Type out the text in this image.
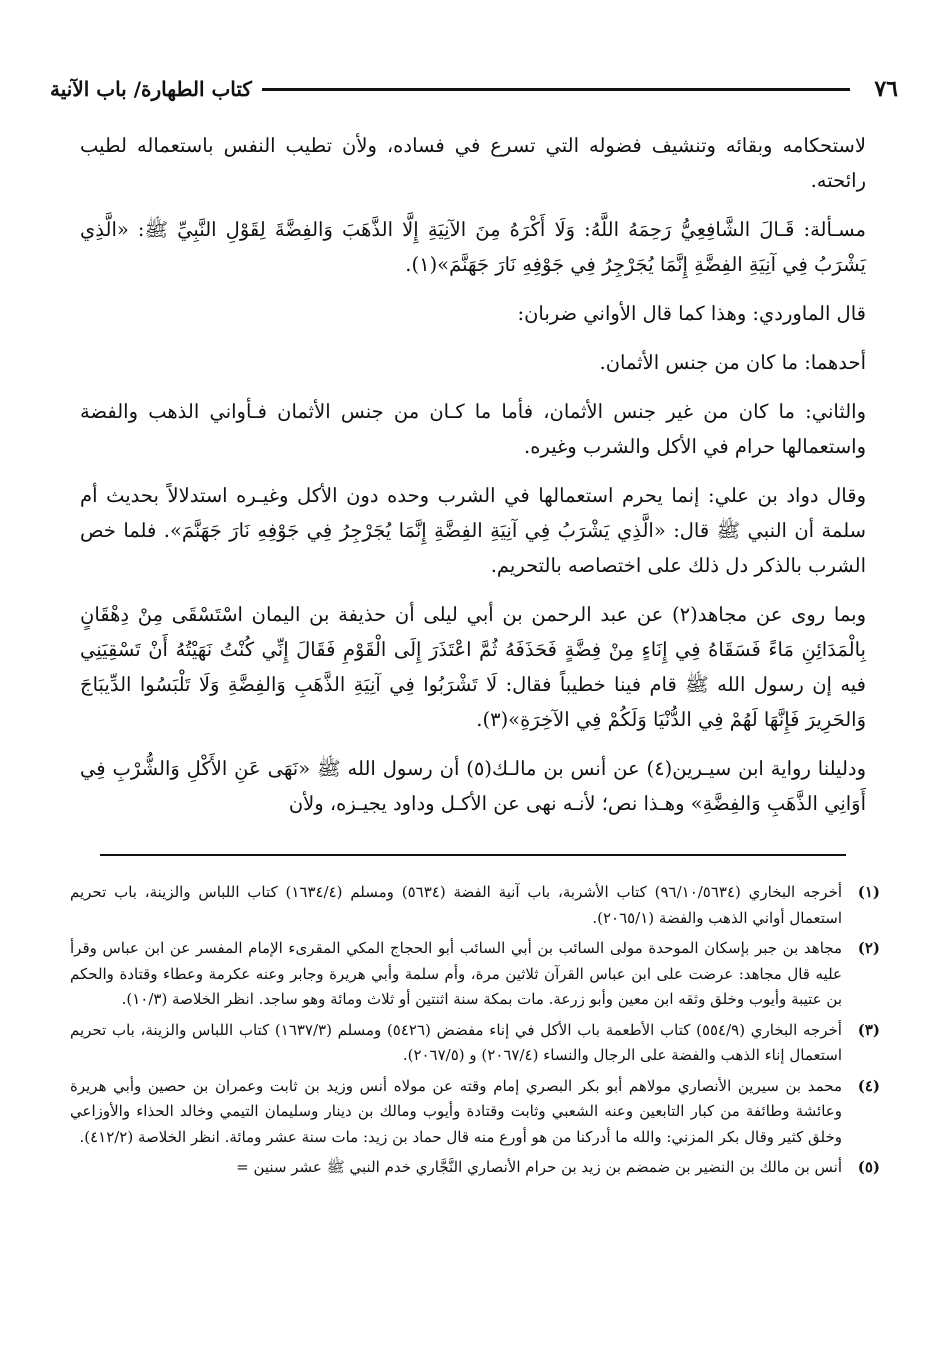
٧٦
كتاب الطهارة/ باب الآنية

لاستحكامه وبقائه وتنشيف فضوله التي تسرع في فساده، ولأن تطيب النفس باستعماله لطيب رائحته.

مسـألة: قَـالَ الشَّافِعِيُّ رَحِمَهُ اللَّهُ: وَلَا أَكْرَهُ مِنَ الآنِيَةِ إِلَّا الذَّهَبَ وَالفِضَّةَ لِقَوْلِ النَّبِيِّ ﷺ: «الَّذِي يَشْرَبُ فِي آنِيَةِ الفِضَّةِ إِنَّمَا يُجَرْجِرُ فِي جَوْفِهِ نَارَ جَهَنَّمَ»(١).

قال الماوردي: وهذا كما قال الأواني ضربان:

أحدهما: ما كان من جنس الأثمان.

والثاني: ما كان من غير جنس الأثمان، فأما ما كـان من جنس الأثمان فـأواني الذهب والفضة واستعمالها حرام في الأكل والشرب وغيره.

وقال دواد بن علي: إنما يحرم استعمالها في الشرب وحده دون الأكل وغيـره استدلالاً بحديث أم سلمة أن النبي ﷺ قال: «الَّذِي يَشْرَبُ فِي آنِيَةِ الفِضَّةِ إِنَّمَا يُجَرْجِرُ فِي جَوْفِهِ نَارَ جَهَنَّمَ». فلما خص الشرب بالذكر دل ذلك على اختصاصه بالتحريم.

وبما روى عن مجاهد(٢) عن عبد الرحمن بن أبي ليلى أن حذيفة بن اليمان اسْتَسْقَى مِنْ دِهْقَانٍ بِالْمَدَائِنِ مَاءً فَسَقَاهُ فِي إِنَاءٍ مِنْ فِضَّةٍ فَحَذَفَهُ ثُمَّ اعْتَذَرَ إِلَى الْقَوْمِ فَقَالَ إِنِّي كُنْتُ نَهَيْتُهُ أَنْ تَسْقِيَنِي فيه إن رسول الله ﷺ قام فينا خطيباً فقال: لَا تَشْرَبُوا فِي آنِيَةِ الذَّهَبِ وَالفِضَّةِ وَلَا تَلْبَسُوا الدِّيبَاجَ وَالحَرِيرَ فَإِنَّهَا لَهُمْ فِي الدُّنْيَا وَلَكُمْ فِي الآخِرَةِ»(٣).

ودليلنا رواية ابن سيـرين(٤) عن أنس بن مالـك(٥) أن رسول الله ﷺ «نَهَى عَنِ الأَكْلِ وَالشُّرْبِ فِي أَوَانِي الذَّهَبِ وَالفِضَّةِ» وهـذا نص؛ لأنـه نهى عن الأكـل وداود يجيـزه، ولأن

(١)
أخرجه البخاري (٩٦/١٠/٥٦٣٤) كتاب الأشربة، باب آنية الفضة (٥٦٣٤) ومسلم (١٦٣٤/٤) كتاب اللباس والزينة، باب تحريم استعمال أواني الذهب والفضة (٢٠٦٥/١).
(٢)
مجاهد بن جبر بإسكان الموحدة مولى السائب بن أبي السائب أبو الحجاج المكي المقرىء الإمام المفسر عن ابن عباس وقرأ عليه قال مجاهد: عرضت على ابن عباس القرآن ثلاثين مرة، وأم سلمة وأبي هريرة وجابر وعنه عكرمة وعطاء وقتادة والحكم بن عتيبة وأيوب وخلق وثقه ابن معين وأبو زرعة. مات بمكة سنة اثنتين أو ثلاث ومائة وهو ساجد. انظر الخلاصة (١٠/٣).
(٣)
أخرجه البخاري (٥٥٤/٩) كتاب الأطعمة باب الأكل في إناء مفضض (٥٤٢٦) ومسلم (١٦٣٧/٣) كتاب اللباس والزينة، باب تحريم استعمال إناء الذهب والفضة على الرجال والنساء (٢٠٦٧/٤) و (٢٠٦٧/٥).
(٤)
محمد بن سيرين الأنصاري مولاهم أبو بكر البصري إمام وقته عن مولاه أنس وزيد بن ثابت وعمران بن حصين وأبي هريرة وعائشة وطائفة من كبار التابعين وعنه الشعبي وثابت وقتادة وأيوب ومالك بن دينار وسليمان التيمي وخالد الحذاء والأوزاعي وخلق كثير وقال بكر المزني: والله ما أدركنا من هو أورع منه قال حماد بن زيد: مات سنة عشر ومائة. انظر الخلاصة (٤١٢/٢).
(٥)
أنس بن مالك بن النضير بن ضمضم بن زيد بن حرام الأنصاري النَّجَّاري خدم النبي ﷺ عشر سنين =
